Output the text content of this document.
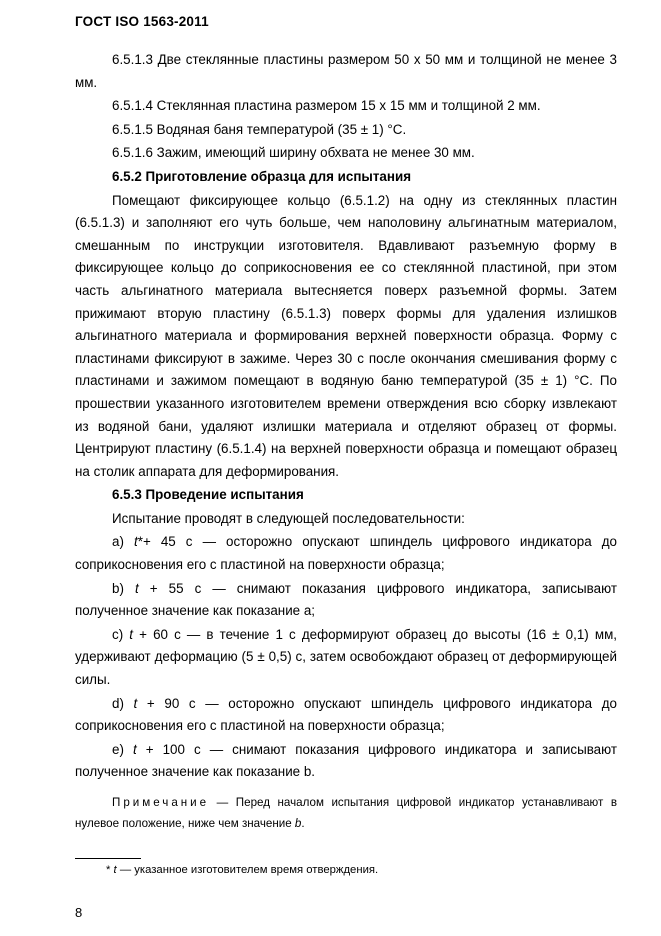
ГОСТ ISO 1563-2011

6.5.1.3 Две стеклянные пластины размером 50 х 50 мм и толщиной не менее 3 мм.

6.5.1.4 Стеклянная пластина размером 15 х 15 мм и толщиной 2 мм.

6.5.1.5 Водяная баня температурой (35 ± 1) °С.

6.5.1.6 Зажим, имеющий ширину обхвата не менее 30 мм.

6.5.2 Приготовление образца для испытания

Помещают фиксирующее кольцо (6.5.1.2) на одну из стеклянных пластин (6.5.1.3) и заполняют его чуть больше, чем наполовину альгинатным материалом, смешанным по инструкции изготовителя. Вдавливают разъемную форму в фиксирующее кольцо до соприкосновения ее со стеклянной пластиной, при этом часть альгинатного материала вытесняется поверх разъемной формы. Затем прижимают вторую пластину (6.5.1.3) поверх формы для удаления излишков альгинатного материала и формирования верхней поверхности образца. Форму с пластинами фиксируют в зажиме. Через 30 с после окончания смешивания форму с пластинами и зажимом помещают в водяную баню температурой (35 ± 1) °С. По прошествии указанного изготовителем времени отверждения всю сборку извлекают из водяной бани, удаляют излишки материала и отделяют образец от формы. Центрируют пластину (6.5.1.4) на верхней поверхности образца и помещают образец на столик аппарата для деформирования.

6.5.3 Проведение испытания

Испытание проводят в следующей последовательности:

а) t*+ 45 с — осторожно опускают шпиндель цифрового индикатора до соприкосновения его с пластиной на поверхности образца;

b) t + 55 с — снимают показания цифрового индикатора, записывают полученное значение как показание a;

с) t + 60 с — в течение 1 с деформируют образец до высоты (16 ± 0,1) мм, удерживают деформацию (5 ± 0,5) с, затем освобождают образец от деформирующей силы.

d) t + 90 с — осторожно опускают шпиндель цифрового индикатора до соприкосновения его с пластиной на поверхности образца;

е) t + 100 с — снимают показания цифрового индикатора и записывают полученное значение как показание b.

Примечание — Перед началом испытания цифровой индикатор устанавливают в нулевое положение, ниже чем значение b.

* t — указанное изготовителем время отверждения.
8
